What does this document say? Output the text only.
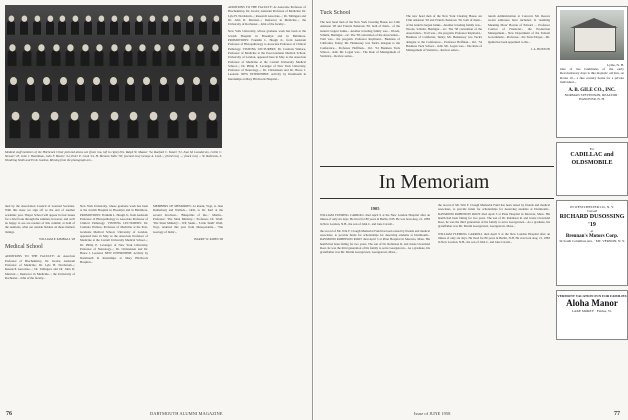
Medical staff members of the Hitchcock Clinic pictured above are (front row, left to right) Drs. Ralph W. Maaser '54, Raeford C. Tanzer '31, Ivan M. Leandersen, Collin C. Stewart '23, John J. Boardman, John F. Bowler '24, Peter E. Cook '24, H. Brenton Tullis '36; (second row) George A. Loeb...; (third row) ...; (back row) ... W. Robinson, S. Woodring Smith and Ervin Gordon. Missing from the photograph are...

med by the Association Council of Learned Societies. With this issue we sign off as the end of another academic year. Thayer School will appear in four issues for a brief look through the summer, however, and we'll be happy to see are readers of this column; at both of the reunions, what our outside bidders on these memoir listings.

WILLIAM P. KIMBALL '28

Medical School

ADDITIONS TO THE FACULTY: At Associate Professor of Biochemistry, Dr. Jacobs; Assistant Professor of Medicine; Dr. Lyle H. Nordstrom...; Research Associate...; Dr. Tallingers and Dr. John D. Marriott...; Instructor in Medicine...; the University of Rochester... John of the faculty...

New York University, whose graduate work has been at the Jewish Hospital in Brooklyn and in Baltimore. PROMOTIONS: Franklin L. Hough Jr., from Assistant Professor of Histopathology to Associate Professor of Clinical Pathology. VISITING LECTURERS: Dr. Cremola Wallace, Professor of Medicine at the Post-Graduate Medical School, University of London, appeared here in May as the Associate Professor of Medicine at the Cornell University Medical School...; Dr. Philip E. Levenger of New York University, Professor of Neurology...; Dr. Christensen and Dr. Bruce J. Leonard. NEW INTERNSHIP: Activity by Dartmouth in Internships at Mary Hitchcock Hospital...

MEMBERS OF MEMORIES: At Rount, W.gi, to Jane Rotherberg and Wallack... Orth, to Dr. Karl at the second Jacobson... 'Blueprints of the...' Martin... Professor: 'The Sinai Ministry...' Professor, Dr. Wald: 'The Sinai Ministry'... WP, Sudio... 'Little Tenth' Wald, W.gi, returned this year from Mesopotamia... 'The Geology of India'...

HARRY W. KOHN '48

ADDITIONS TO THE FACULTY: At Associate Professor of Biochemistry, Dr. Jacobs; Assistant Professor of Medicine; Dr. Lyle H. Nordstrom...; Research Associate...; Dr. Tallingers and Dr. John D. Marriott...; Instructor in Medicine...; the University of Rochester... John of the faculty...

New York University, whose graduate work has been at the Jewish Hospital in Brooklyn and in Baltimore. PROMOTIONS: Franklin L. Hough Jr., from Assistant Professor of Histopathology to Associate Professor of Clinical Pathology. VISITING LECTURERS: Dr. Cremola Wallace, Professor of Medicine at the Post-Graduate Medical School, University of London, appeared here in May as the Associate Professor of Medicine at the Cornell University Medical School...; Dr. Philip E. Levenger of New York University, Professor of Neurology...; Dr. Christensen and Dr. Bruce J. Leonard. NEW INTERNSHIP: Activity by Dartmouth in Internships at Mary Hitchcock Hospital...

76	DARTMOUTH ALUMNI MAGAZINE
Tuck School

The new head men of the New York Clearing House are Clint Atkisson '28 and Francis Pederson '30, both of them... of the nation's largest banks... Another traveling family was... Woods, Schultz, Hennigar... etc. The '58 convention of the Association... Trail was... the program. Professor Raymond... Business of California; Tenny; Mr. Hennessey was Tuck's delegate to the Conference... Professor Hoffman... Oct. '54 Business Tuck School... sidlr. Mr. Logan was... The Role of Management of Statistics... Review series...

The new head men of the New York Clearing House are Clint Atkisson '28 and Francis Pederson '30, both of them... of the nation's largest banks... Another traveling family was... Woods, Schultz, Hennigar... etc. The '58 convention of the Association... Trail was... the program. Professor Raymond... Business of California; Tenny; Mr. Hennessey was Tuck's delegate to the Conference... Professor Hoffman... Oct. '54 Business Tuck School... sidlr. Mr. Logan was... The Role of Management of Statistics... Review series...

turesh Administration at Concord. Mr. Reeces recent addresses have included: Is 'Auditing Meaning More' Boston of Edward ... Professor Control of Financial... the Production Management... New Department of the Federal Government... Professor... the Tuck-Thayer... Mr. Quinn has been appointed to the...

J. A. BOXTON

In Memoriam
1905

WILLIAM FLEMING CARROLL died April 9 at the New London Hospital after an illness of only six days. He lived for 80 years in Berlin, N.H. He was born Aug. 21, 1883 in New London, N.H., the son of John C. and Jane Carroll...

the record of Mr. Wm F. Clough Memorial Fund has been raised by friends and medical associates, to provide funds for scholarships for deserving students at Dartmouth... RAYMOND ROBINSON ROOT died April 3 at Plate Hospital in Moravia, Mass. His health had been failing for two years. The son of Dr. Robinson R. and Jessie Cleveland Root, he was the third generation of his family to serve Georgetown... As a graduate, his grandfather was Mr. Martin Georgetown, Georgetown, Mass...

the record of Mr. Wm F. Clough Memorial Fund has been raised by friends and medical associates, to provide funds for scholarships for deserving students at Dartmouth... RAYMOND ROBINSON ROOT died April 3 at Plate Hospital in Moravia, Mass. His health had been failing for two years. The son of Dr. Robinson R. and Jessie Cleveland Root, he was the third generation of his family to serve Georgetown... As a graduate, his grandfather was Mr. Martin Georgetown, Georgetown, Mass...

WILLIAM FLEMING CARROLL died April 9 at the New London Hospital after an illness of only six days. He lived for 80 years in Berlin, N.H. He was born Aug. 21, 1883 in New London, N.H., the son of John C. and Jane Carroll...

77
Issue of JUNE 1958
Lyme, N. H.
One of the landmarks of the early Revolutionary days is this majestic old Inn, on Route 10... a fine country home for a private individual...
A. B. GILE CO., INC.
NORMAN STEVENSON, REALTOR · HANOVER, N. H.
For
CADILLAC and OLDSMOBILE
IN WESTCHESTER CO., N. Y.
Consult
RICHARD DUSOSSING '19
at
Brennan's Motors Corp.
34 South Columbus Ave. · MT. VERNON, N. Y.
VERMONT VACATION FUN FOR FAMILIES
Aloha Manor
LAKE MOREY · Fairlee, Vt.
